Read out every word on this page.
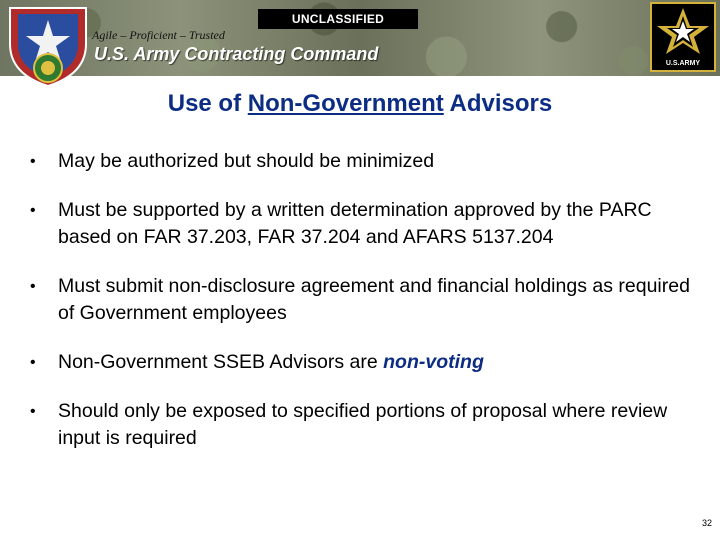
UNCLASSIFIED
Agile – Proficient – Trusted
U.S. Army Contracting Command	U.S.ARMY
Use of Non-Government Advisors
• May be authorized but should be minimized
• Must be supported by a written determination approved by the PARC based on FAR 37.203, FAR 37.204 and AFARS 5137.204
• Must submit non-disclosure agreement and financial holdings as required of Government employees
• Non-Government SSEB Advisors are non-voting
• Should only be exposed to specified portions of proposal where review input is required
32
